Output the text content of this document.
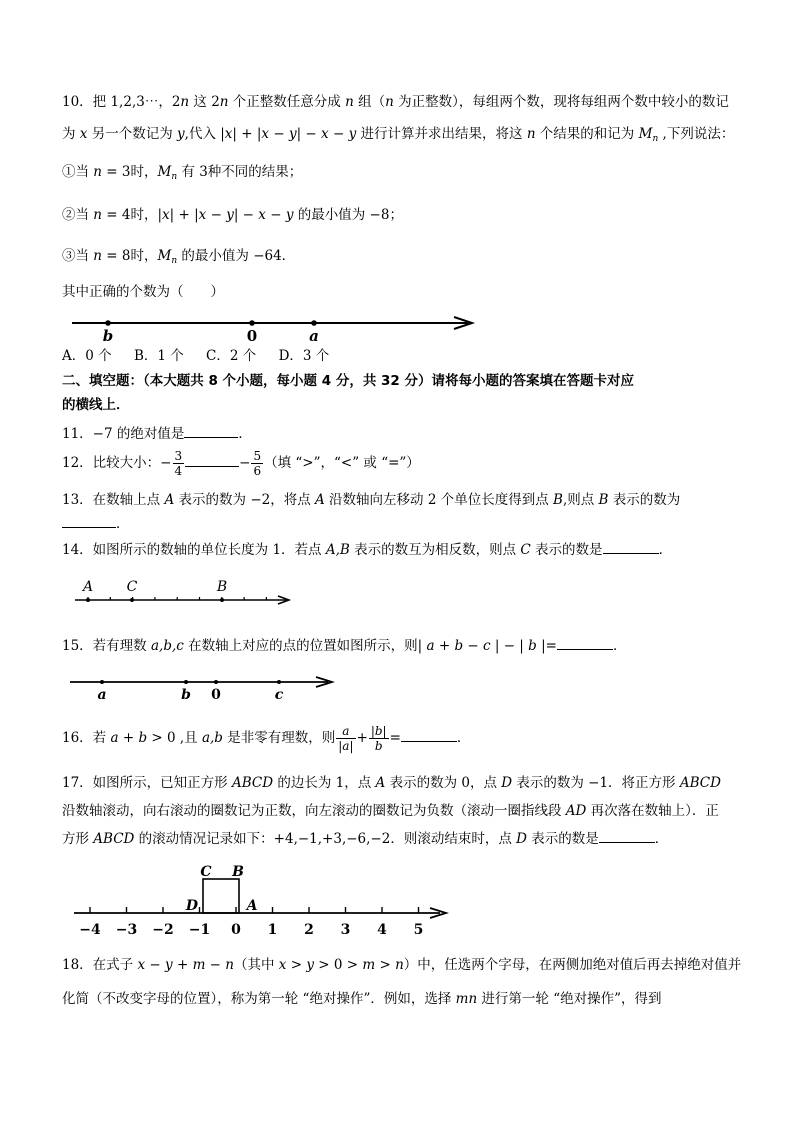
10．把 1,2,3⋯，2n 这 2n 个正整数任意分成 n 组（n 为正整数），每组两个数，现将每组两个数中较小的数记
为 x 另一个数记为 y,代入 |x| + |x − y| − x − y 进行计算并求出结果，将这 n 个结果的和记为 $M_n$ ,下列说法：
①当 n = 3时，$M_n$ 有 3种不同的结果；
②当 n = 4时，|x| + |x − y| − x − y 的最小值为 −8；
③当 n = 8时，$M_n$ 的最小值为 −64．
其中正确的个数为（　　）
b	0	a
A．0 个 B．1 个 C．2 个 D．3 个
二、填空题：（本大题共 8 个小题，每小题 4 分，共 32 分）请将每小题的答案填在答题卡对应
的横线上．
11．−7 的绝对值是	．
12．比较大小：− $\frac{3}{4}$	− $\frac{5}{6}$ （填 “>”，“<” 或 “=”）
13．在数轴上点 A 表示的数为 −2，将点 A 沿数轴向左移动 2 个单位长度得到点 B,则点 B 表示的数为
．
14．如图所示的数轴的单位长度为 1．若点 A,B 表示的数互为相反数，则点 C 表示的数是	．
A C	B
15．若有理数 a,b,c 在数轴上对应的点的位置如图所示，则| a + b − c | − | b |=	．
a	b 0	c
16．若 a + b > 0 ,且 a,b 是非零有理数，则 $\frac{a}{|a|} + \frac{|b|}{b}$ =	．
17．如图所示，已知正方形 ABCD 的边长为 1，点 A 表示的数为 0，点 D 表示的数为 −1．将正方形 ABCD
沿数轴滚动，向右滚动的圈数记为正数，向左滚动的圈数记为负数（滚动一圈指线段 AD 再次落在数轴上）．正
方形 ABCD 的滚动情况记录如下：+4,−1,+3,−6,−2．则滚动结束时，点 D 表示的数是	．
C B
D	A
−4 −3 −2 −1 0 1 2 3 4 5
18．在式子 x − y + m − n（其中 x > y > 0 > m > n）中，任选两个字母，在两侧加绝对值后再去掉绝对值并
化简（不改变字母的位置），称为第一轮 “绝对操作”．例如，选择 mn 进行第一轮 “绝对操作”，得到
